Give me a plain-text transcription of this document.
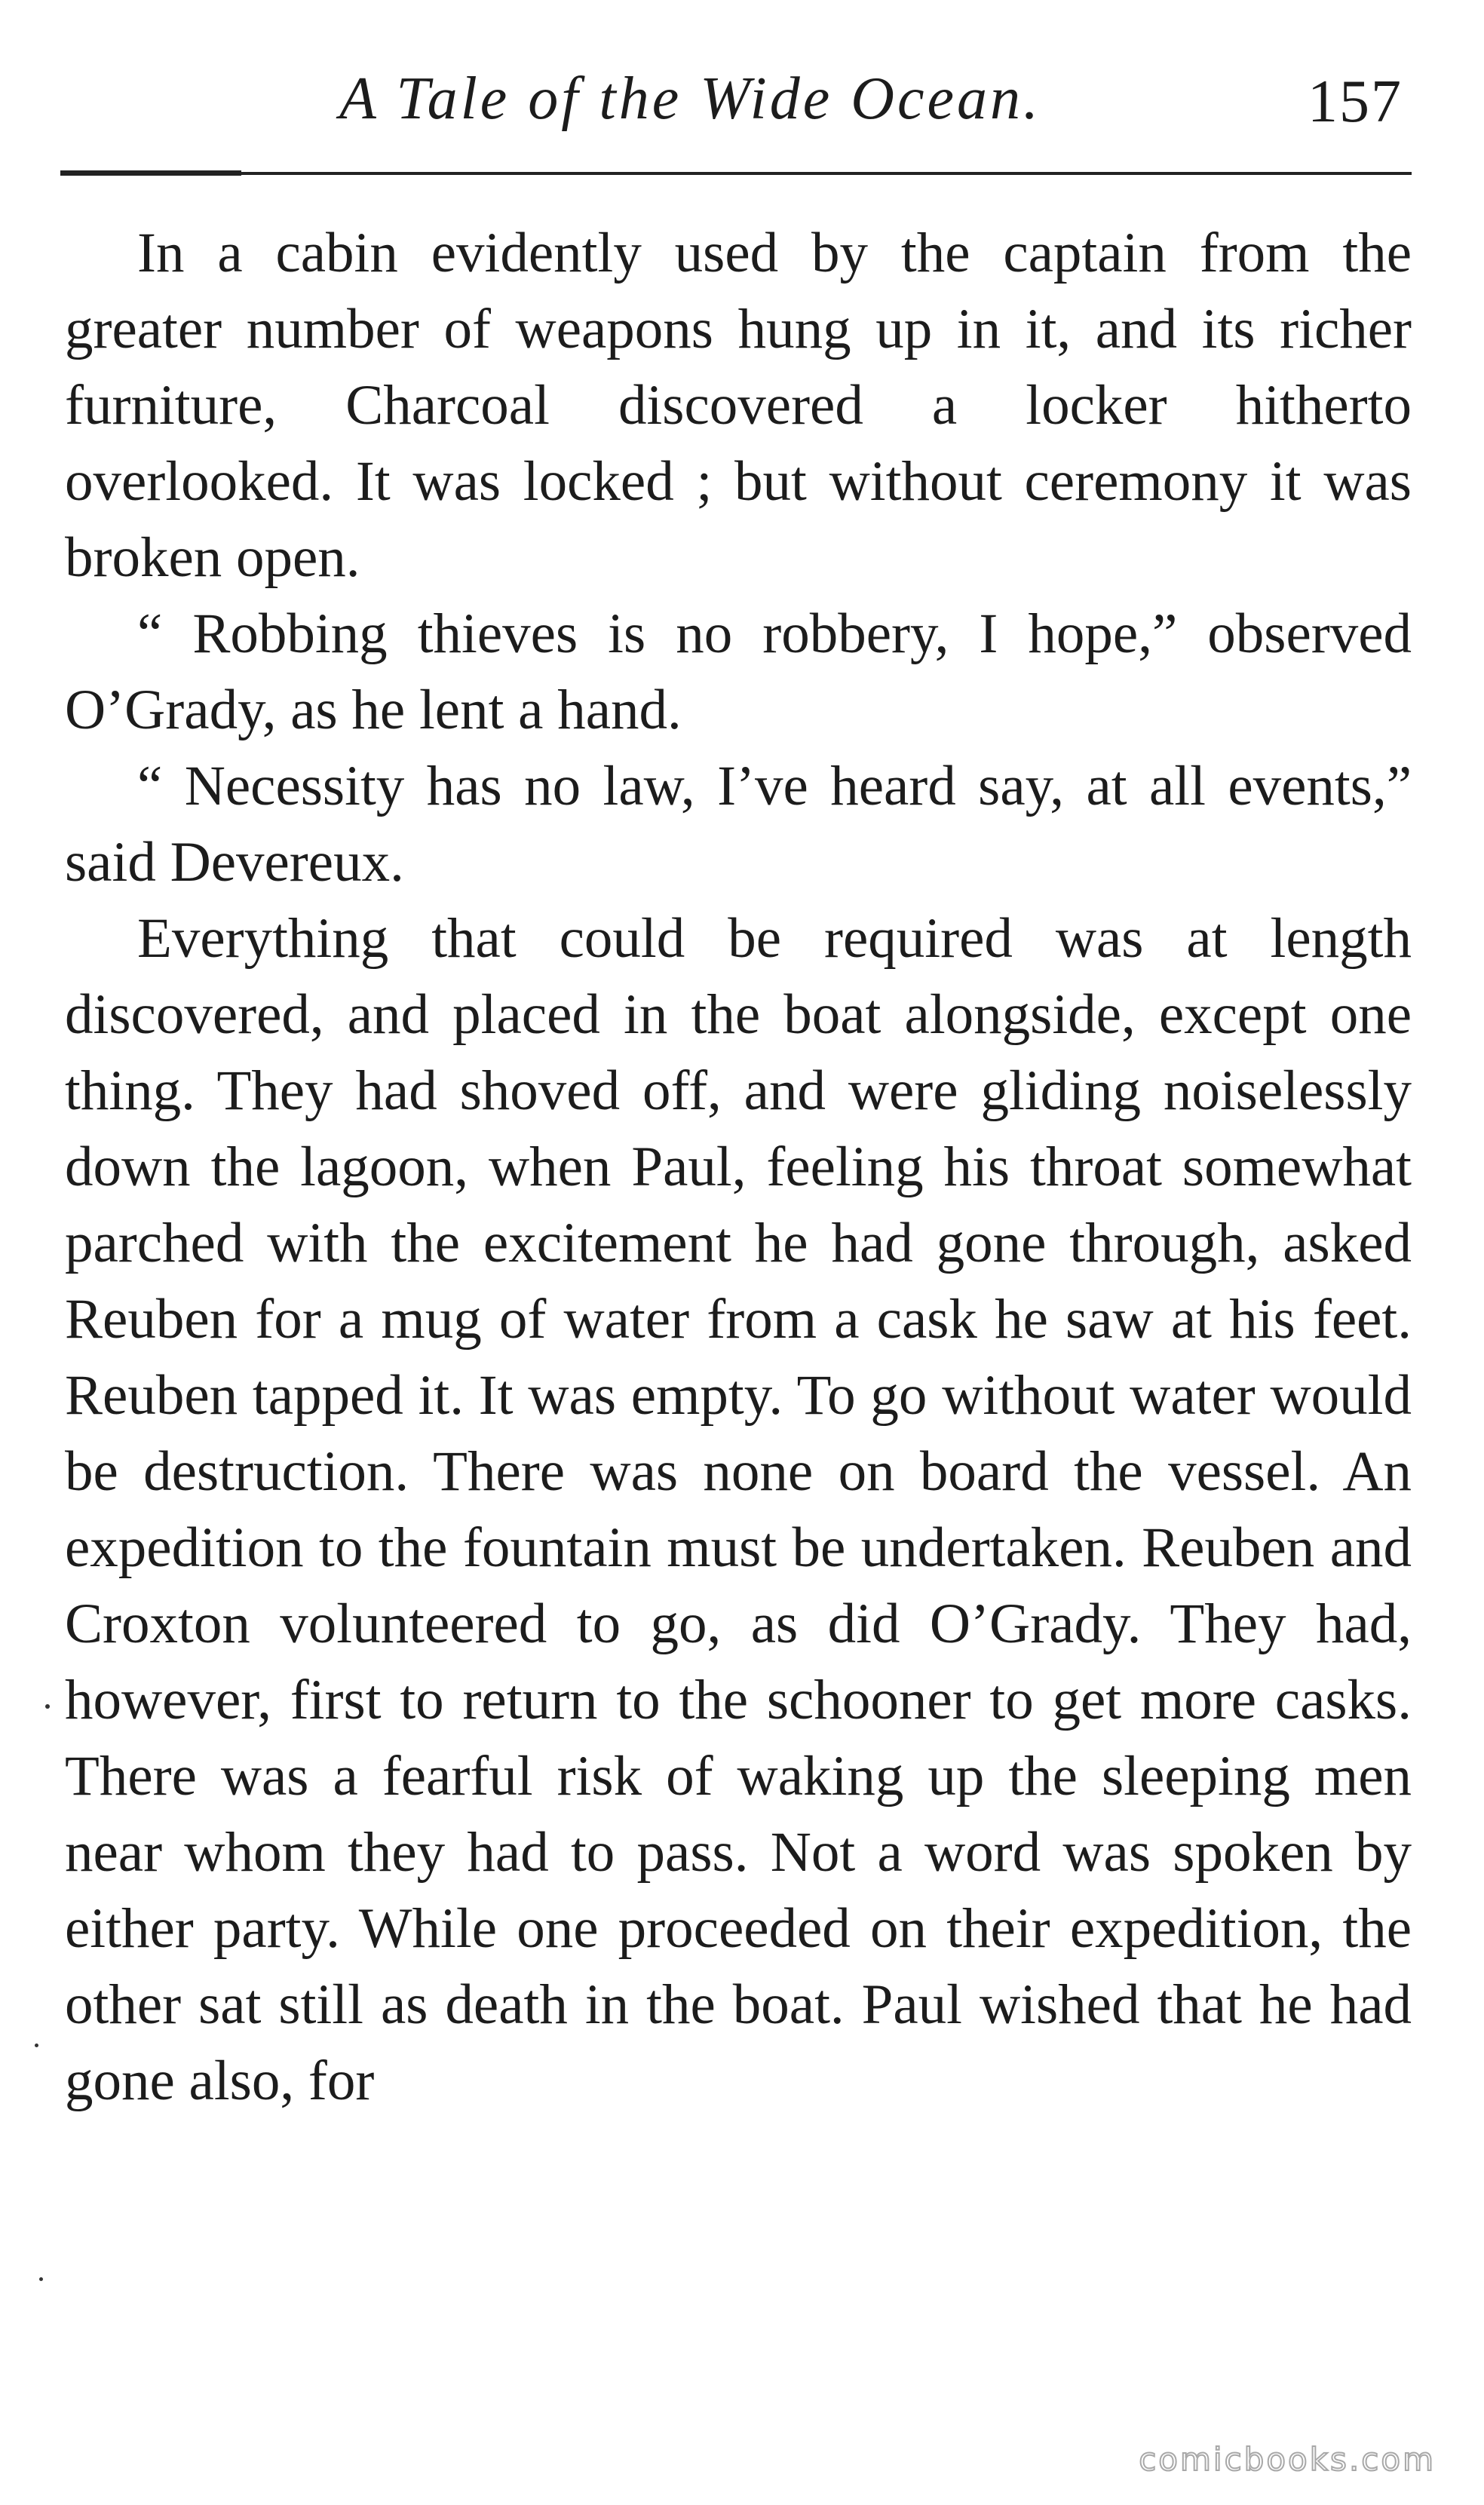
A Tale of the Wide Ocean.	157

In a cabin evidently used by the captain from the greater number of weapons hung up in it, and its richer furniture, Charcoal discovered a locker hitherto overlooked. It was locked ; but without ceremony it was broken open.

“ Robbing thieves is no robbery, I hope,” observed O’Grady, as he lent a hand.

“ Necessity has no law, I’ve heard say, at all events,” said Devereux.

Everything that could be required was at length discovered, and placed in the boat alongside, except one thing. They had shoved off, and were gliding noiselessly down the lagoon, when Paul, feeling his throat somewhat parched with the excitement he had gone through, asked Reuben for a mug of water from a cask he saw at his feet. Reuben tapped it. It was empty. To go without water would be destruction. There was none on board the vessel. An expedition to the fountain must be undertaken. Reuben and Croxton volunteered to go, as did O’Grady. They had, however, first to return to the schooner to get more casks. There was a fearful risk of waking up the sleeping men near whom they had to pass. Not a word was spoken by either party. While one proceeded on their expedition, the other sat still as death in the boat. Paul wished that he had gone also, for

comicbooks.com
